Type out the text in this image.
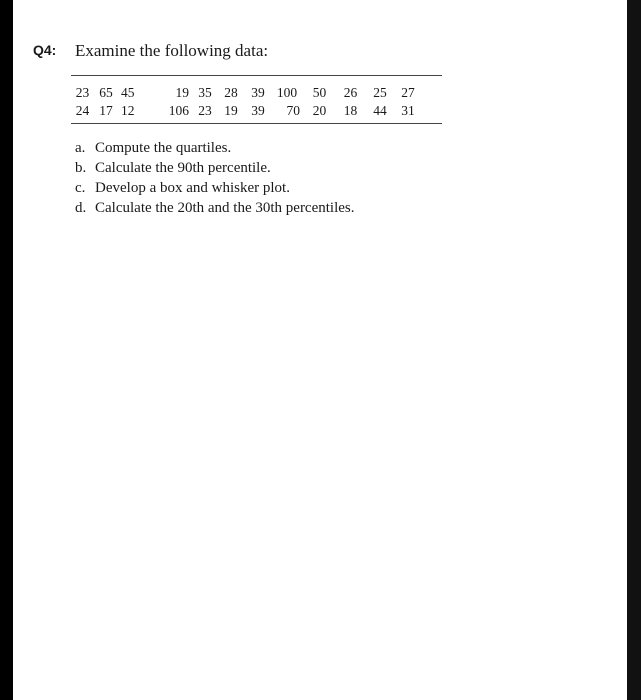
Q4: Examine the following data:
23	65	45	19	35	28	39	100	50	26	25	27
24	17	12	106	23	19	39	70	20	18	44	31
a. Compute the quartiles.
b. Calculate the 90th percentile.
c. Develop a box and whisker plot.
d. Calculate the 20th and the 30th percentiles.
